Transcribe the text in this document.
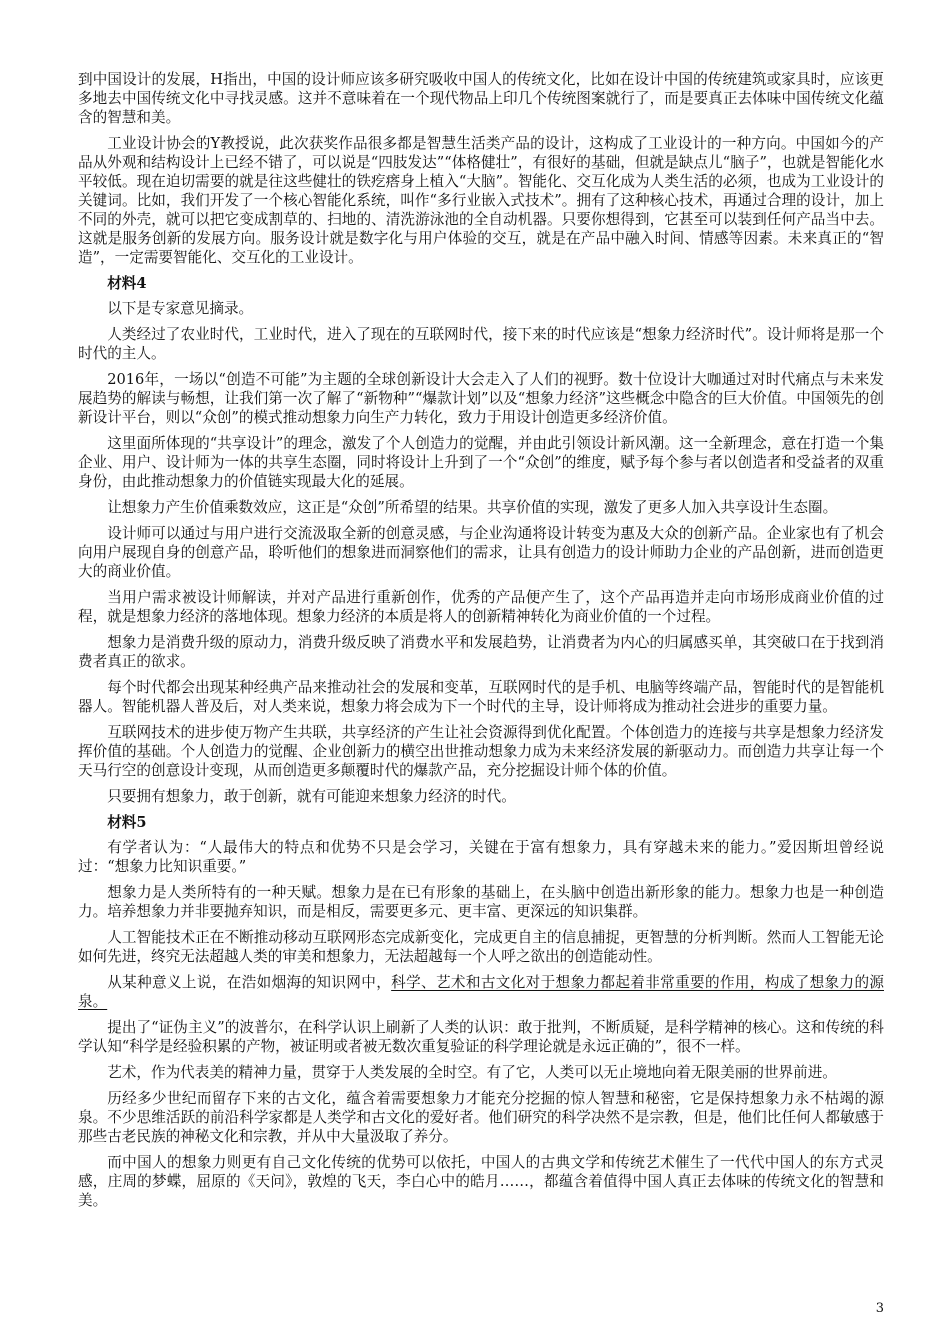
到中国设计的发展，H指出，中国的设计师应该多研究吸收中国人的传统文化，比如在设计中国的传统建筑或家具时，应该更多地去中国传统文化中寻找灵感。这并不意味着在一个现代物品上印几个传统图案就行了，而是要真正去体味中国传统文化蕴含的智慧和美。

工业设计协会的Y教授说，此次获奖作品很多都是智慧生活类产品的设计，这构成了工业设计的一种方向。中国如今的产品从外观和结构设计上已经不错了，可以说是“四肢发达”“体格健壮”，有很好的基础，但就是缺点儿“脑子”，也就是智能化水平较低。现在迫切需要的就是往这些健壮的铁疙瘩身上植入“大脑”。智能化、交互化成为人类生活的必须，也成为工业设计的关键词。比如，我们开发了一个核心智能化系统，叫作“多行业嵌入式技术”。拥有了这种核心技术，再通过合理的设计，加上不同的外壳，就可以把它变成割草的、扫地的、清洗游泳池的全自动机器。只要你想得到，它甚至可以装到任何产品当中去。这就是服务创新的发展方向。服务设计就是数字化与用户体验的交互，就是在产品中融入时间、情感等因素。未来真正的“智造”，一定需要智能化、交互化的工业设计。

材料4

以下是专家意见摘录。

人类经过了农业时代，工业时代，进入了现在的互联网时代，接下来的时代应该是“想象力经济时代”。设计师将是那一个时代的主人。

2016年，一场以“创造不可能”为主题的全球创新设计大会走入了人们的视野。数十位设计大咖通过对时代痛点与未来发展趋势的解读与畅想，让我们第一次了解了“新物种”“爆款计划”以及“想象力经济”这些概念中隐含的巨大价值。中国领先的创新设计平台，则以“众创”的模式推动想象力向生产力转化，致力于用设计创造更多经济价值。

这里面所体现的“共享设计”的理念，激发了个人创造力的觉醒，并由此引领设计新风潮。这一全新理念，意在打造一个集企业、用户、设计师为一体的共享生态圈，同时将设计上升到了一个“众创”的维度，赋予每个参与者以创造者和受益者的双重身份，由此推动想象力的价值链实现最大化的延展。

让想象力产生价值乘数效应，这正是“众创”所希望的结果。共享价值的实现，激发了更多人加入共享设计生态圈。

设计师可以通过与用户进行交流汲取全新的创意灵感，与企业沟通将设计转变为惠及大众的创新产品。企业家也有了机会向用户展现自身的创意产品，聆听他们的想象进而洞察他们的需求，让具有创造力的设计师助力企业的产品创新，进而创造更大的商业价值。

当用户需求被设计师解读，并对产品进行重新创作，优秀的产品便产生了，这个产品再造并走向市场形成商业价值的过程，就是想象力经济的落地体现。想象力经济的本质是将人的创新精神转化为商业价值的一个过程。

想象力是消费升级的原动力，消费升级反映了消费水平和发展趋势，让消费者为内心的归属感买单，其突破口在于找到消费者真正的欲求。

每个时代都会出现某种经典产品来推动社会的发展和变革，互联网时代的是手机、电脑等终端产品，智能时代的是智能机器人。智能机器人普及后，对人类来说，想象力将会成为下一个时代的主导，设计师将成为推动社会进步的重要力量。

互联网技术的进步使万物产生共联，共享经济的产生让社会资源得到优化配置。个体创造力的连接与共享是想象力经济发挥价值的基础。个人创造力的觉醒、企业创新力的横空出世推动想象力成为未来经济发展的新驱动力。而创造力共享让每一个天马行空的创意设计变现，从而创造更多颠覆时代的爆款产品，充分挖掘设计师个体的价值。

只要拥有想象力，敢于创新，就有可能迎来想象力经济的时代。

材料5

有学者认为：“人最伟大的特点和优势不只是会学习，关键在于富有想象力，具有穿越未来的能力。”爱因斯坦曾经说过：“想象力比知识重要。”

想象力是人类所特有的一种天赋。想象力是在已有形象的基础上，在头脑中创造出新形象的能力。想象力也是一种创造力。培养想象力并非要抛弃知识，而是相反，需要更多元、更丰富、更深远的知识集群。

人工智能技术正在不断推动移动互联网形态完成新变化，完成更自主的信息捕捉，更智慧的分析判断。然而人工智能无论如何先进，终究无法超越人类的审美和想象力，无法超越每一个人呼之欲出的创造能动性。

从某种意义上说，在浩如烟海的知识网中，科学、艺术和古文化对于想象力都起着非常重要的作用，构成了想象力的源泉。

提出了“证伪主义”的波普尔，在科学认识上刷新了人类的认识：敢于批判，不断质疑，是科学精神的核心。这和传统的科学认知“科学是经验积累的产物，被证明或者被无数次重复验证的科学理论就是永远正确的”，很不一样。

艺术，作为代表美的精神力量，贯穿于人类发展的全时空。有了它，人类可以无止境地向着无限美丽的世界前进。

历经多少世纪而留存下来的古文化，蕴含着需要想象力才能充分挖掘的惊人智慧和秘密，它是保持想象力永不枯竭的源泉。不少思维活跃的前沿科学家都是人类学和古文化的爱好者。他们研究的科学决然不是宗教，但是，他们比任何人都敏感于那些古老民族的神秘文化和宗教，并从中大量汲取了养分。

而中国人的想象力则更有自己文化传统的优势可以依托，中国人的古典文学和传统艺术催生了一代代中国人的东方式灵感，庄周的梦蝶，屈原的《天问》，敦煌的飞天，李白心中的皓月……，都蕴含着值得中国人真正去体味的传统文化的智慧和美。

3
